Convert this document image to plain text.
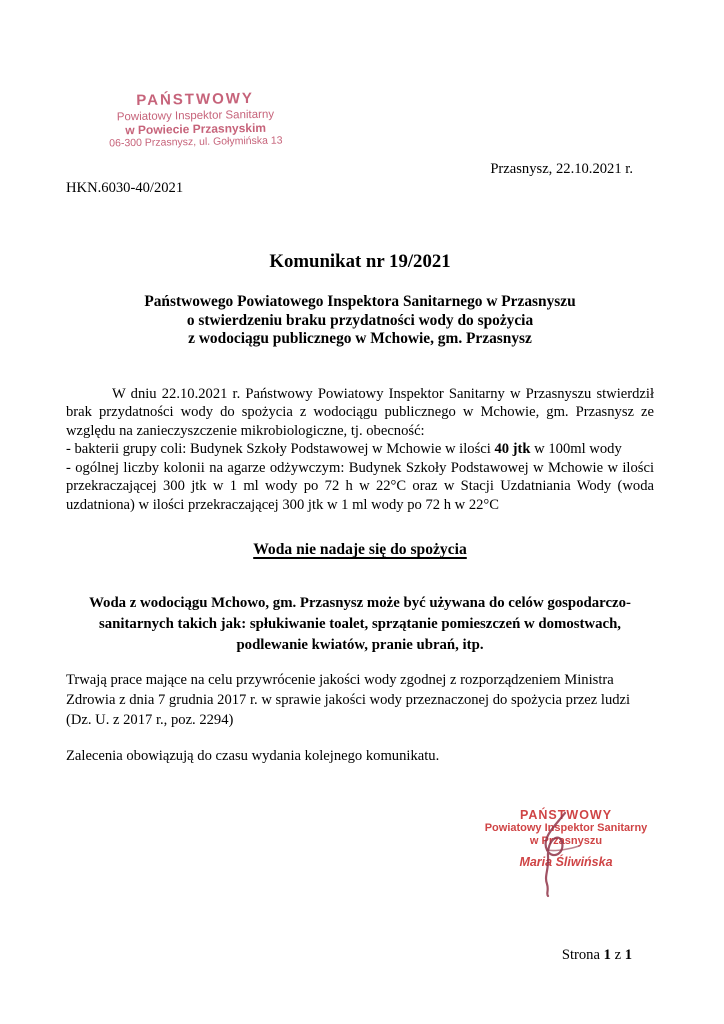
PAŃSTWOWY
Powiatowy Inspektor Sanitarny
w Powiecie Przasnyskim
06-300 Przasnysz, ul. Gołymińska 13
Przasnysz, 22.10.2021 r.
HKN.6030-40/2021
Komunikat nr 19/2021
Państwowego Powiatowego Inspektora Sanitarnego w Przasnyszu
o stwierdzeniu braku przydatności wody do spożycia
z wodociągu publicznego w Mchowie, gm. Przasnysz
W dniu 22.10.2021 r. Państwowy Powiatowy Inspektor Sanitarny w Przasnyszu stwierdził brak przydatności wody do spożycia z wodociągu publicznego w Mchowie, gm. Przasnysz ze względu na zanieczyszczenie mikrobiologiczne, tj. obecność:
- bakterii grupy coli: Budynek Szkoły Podstawowej w Mchowie w ilości 40 jtk w 100ml wody
- ogólnej liczby kolonii na agarze odżywczym: Budynek Szkoły Podstawowej w Mchowie w ilości przekraczającej 300 jtk w 1 ml wody po 72 h w 22°C oraz w Stacji Uzdatniania Wody (woda uzdatniona) w ilości przekraczającej 300 jtk w 1 ml wody po 72 h w 22°C
Woda nie nadaje się do spożycia
Woda z wodociągu Mchowo, gm. Przasnysz może być używana do celów gospodarczo-sanitarnych takich jak: spłukiwanie toalet, sprzątanie pomieszczeń w domostwach, podlewanie kwiatów, pranie ubrań, itp.
Trwają prace mające na celu przywrócenie jakości wody zgodnej z rozporządzeniem Ministra Zdrowia z dnia 7 grudnia 2017 r. w sprawie jakości wody przeznaczonej do spożycia przez ludzi (Dz. U. z 2017 r., poz. 2294)
Zalecenia obowiązują do czasu wydania kolejnego komunikatu.
PAŃSTWOWY
Powiatowy Inspektor Sanitarny
w Przasnyszu
Maria Śliwińska
Strona 1 z 1
